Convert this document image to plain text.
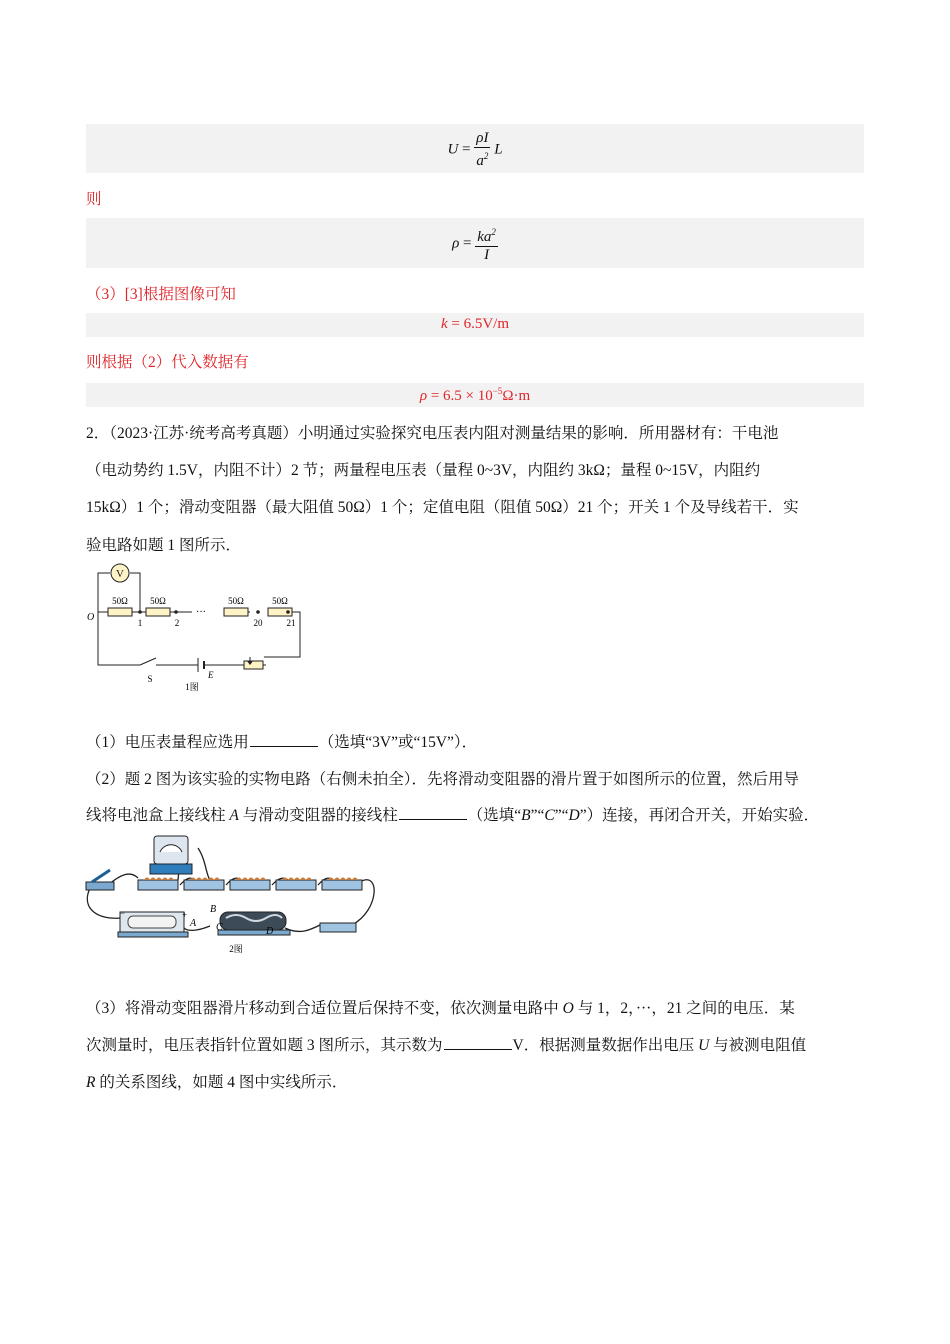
$U = \frac{\rho I}{a^2}$ L
则
$\rho = \frac{ka^2}{I}$
（3）[3]根据图像可知
k = 6.5V/m
则根据（2）代入数据有
$\rho = 6.5 \times 10^{-5}\Omega\cdot m$
2．（2023·江苏·统考高考真题）小明通过实验探究电压表内阻对测量结果的影响．所用器材有：干电池
（电动势约 1.5V，内阻不计）2 节；两量程电压表（量程 0~3V，内阻约 3kΩ；量程 0~15V，内阻约
15kΩ）1 个；滑动变阻器（最大阻值 50Ω）1 个；定值电阻（阻值 50Ω）21 个；开关 1 个及导线若干．实
验电路如题 1 图所示．
V
50Ω 50Ω	50Ω	50Ω
···
O	1	2	20	21
S	E
1图
（1）电压表量程应选用	（选填“3V”或“15V”）．
（2）题 2 图为该实验的实物电路（右侧未拍全）．先将滑动变阻器的滑片置于如图所示的位置，然后用导
线将电池盒上接线柱 A 与滑动变阻器的接线柱	（选填“B”“C”“D”）连接，再闭合开关，开始实验．
−	+
A
B
C	D
2图
（3）将滑动变阻器滑片移动到合适位置后保持不变，依次测量电路中 O 与 1，2，···，21 之间的电压．某
次测量时，电压表指针位置如题 3 图所示，其示数为	V．根据测量数据作出电压 U 与被测电阻值
R 的关系图线，如题 4 图中实线所示．
